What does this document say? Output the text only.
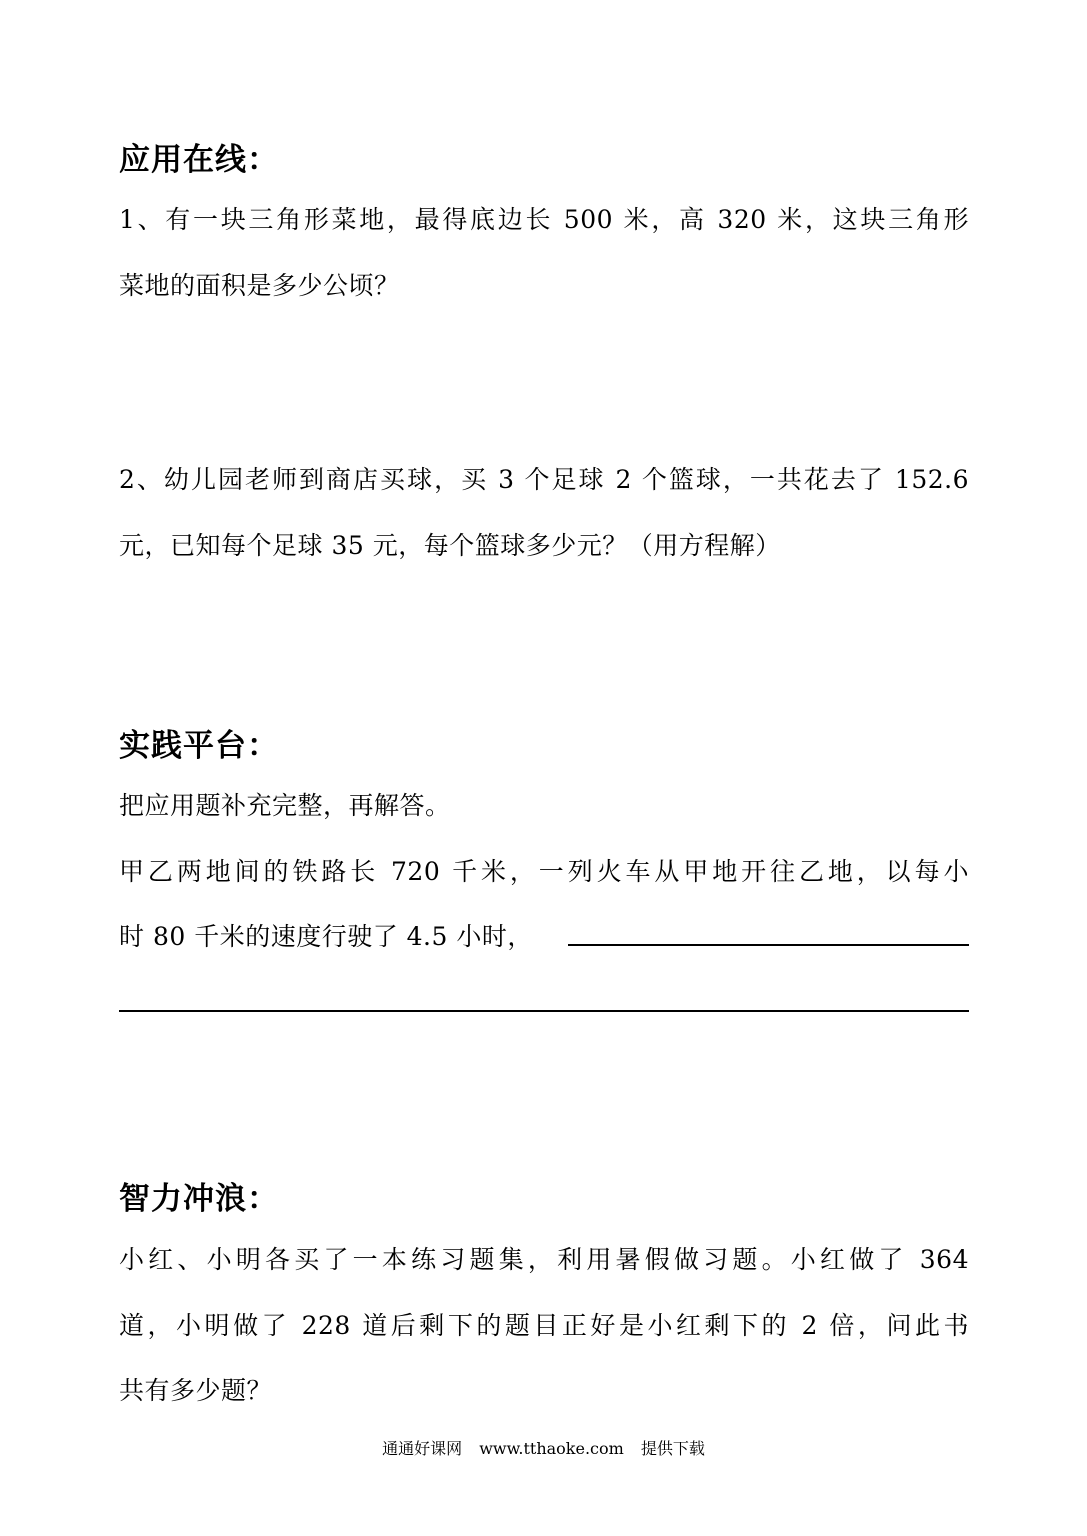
应用在线：
1、有一块三角形菜地，最得底边长 500 米，高 320 米，这块三角形
菜地的面积是多少公顷？
2、幼儿园老师到商店买球，买 3 个足球 2 个篮球，一共花去了 152.6
元，已知每个足球 35 元，每个篮球多少元？（用方程解）
实践平台：
把应用题补充完整，再解答。
甲乙两地间的铁路长 720 千米，一列火车从甲地开往乙地，以每小
时 80 千米的速度行驶了 4.5 小时，
智力冲浪：
小红、小明各买了一本练习题集，利用暑假做习题。小红做了 364
道，小明做了 228 道后剩下的题目正好是小红剩下的 2 倍，问此书
共有多少题？
通通好课网 www.tthaoke.com 提供下载
